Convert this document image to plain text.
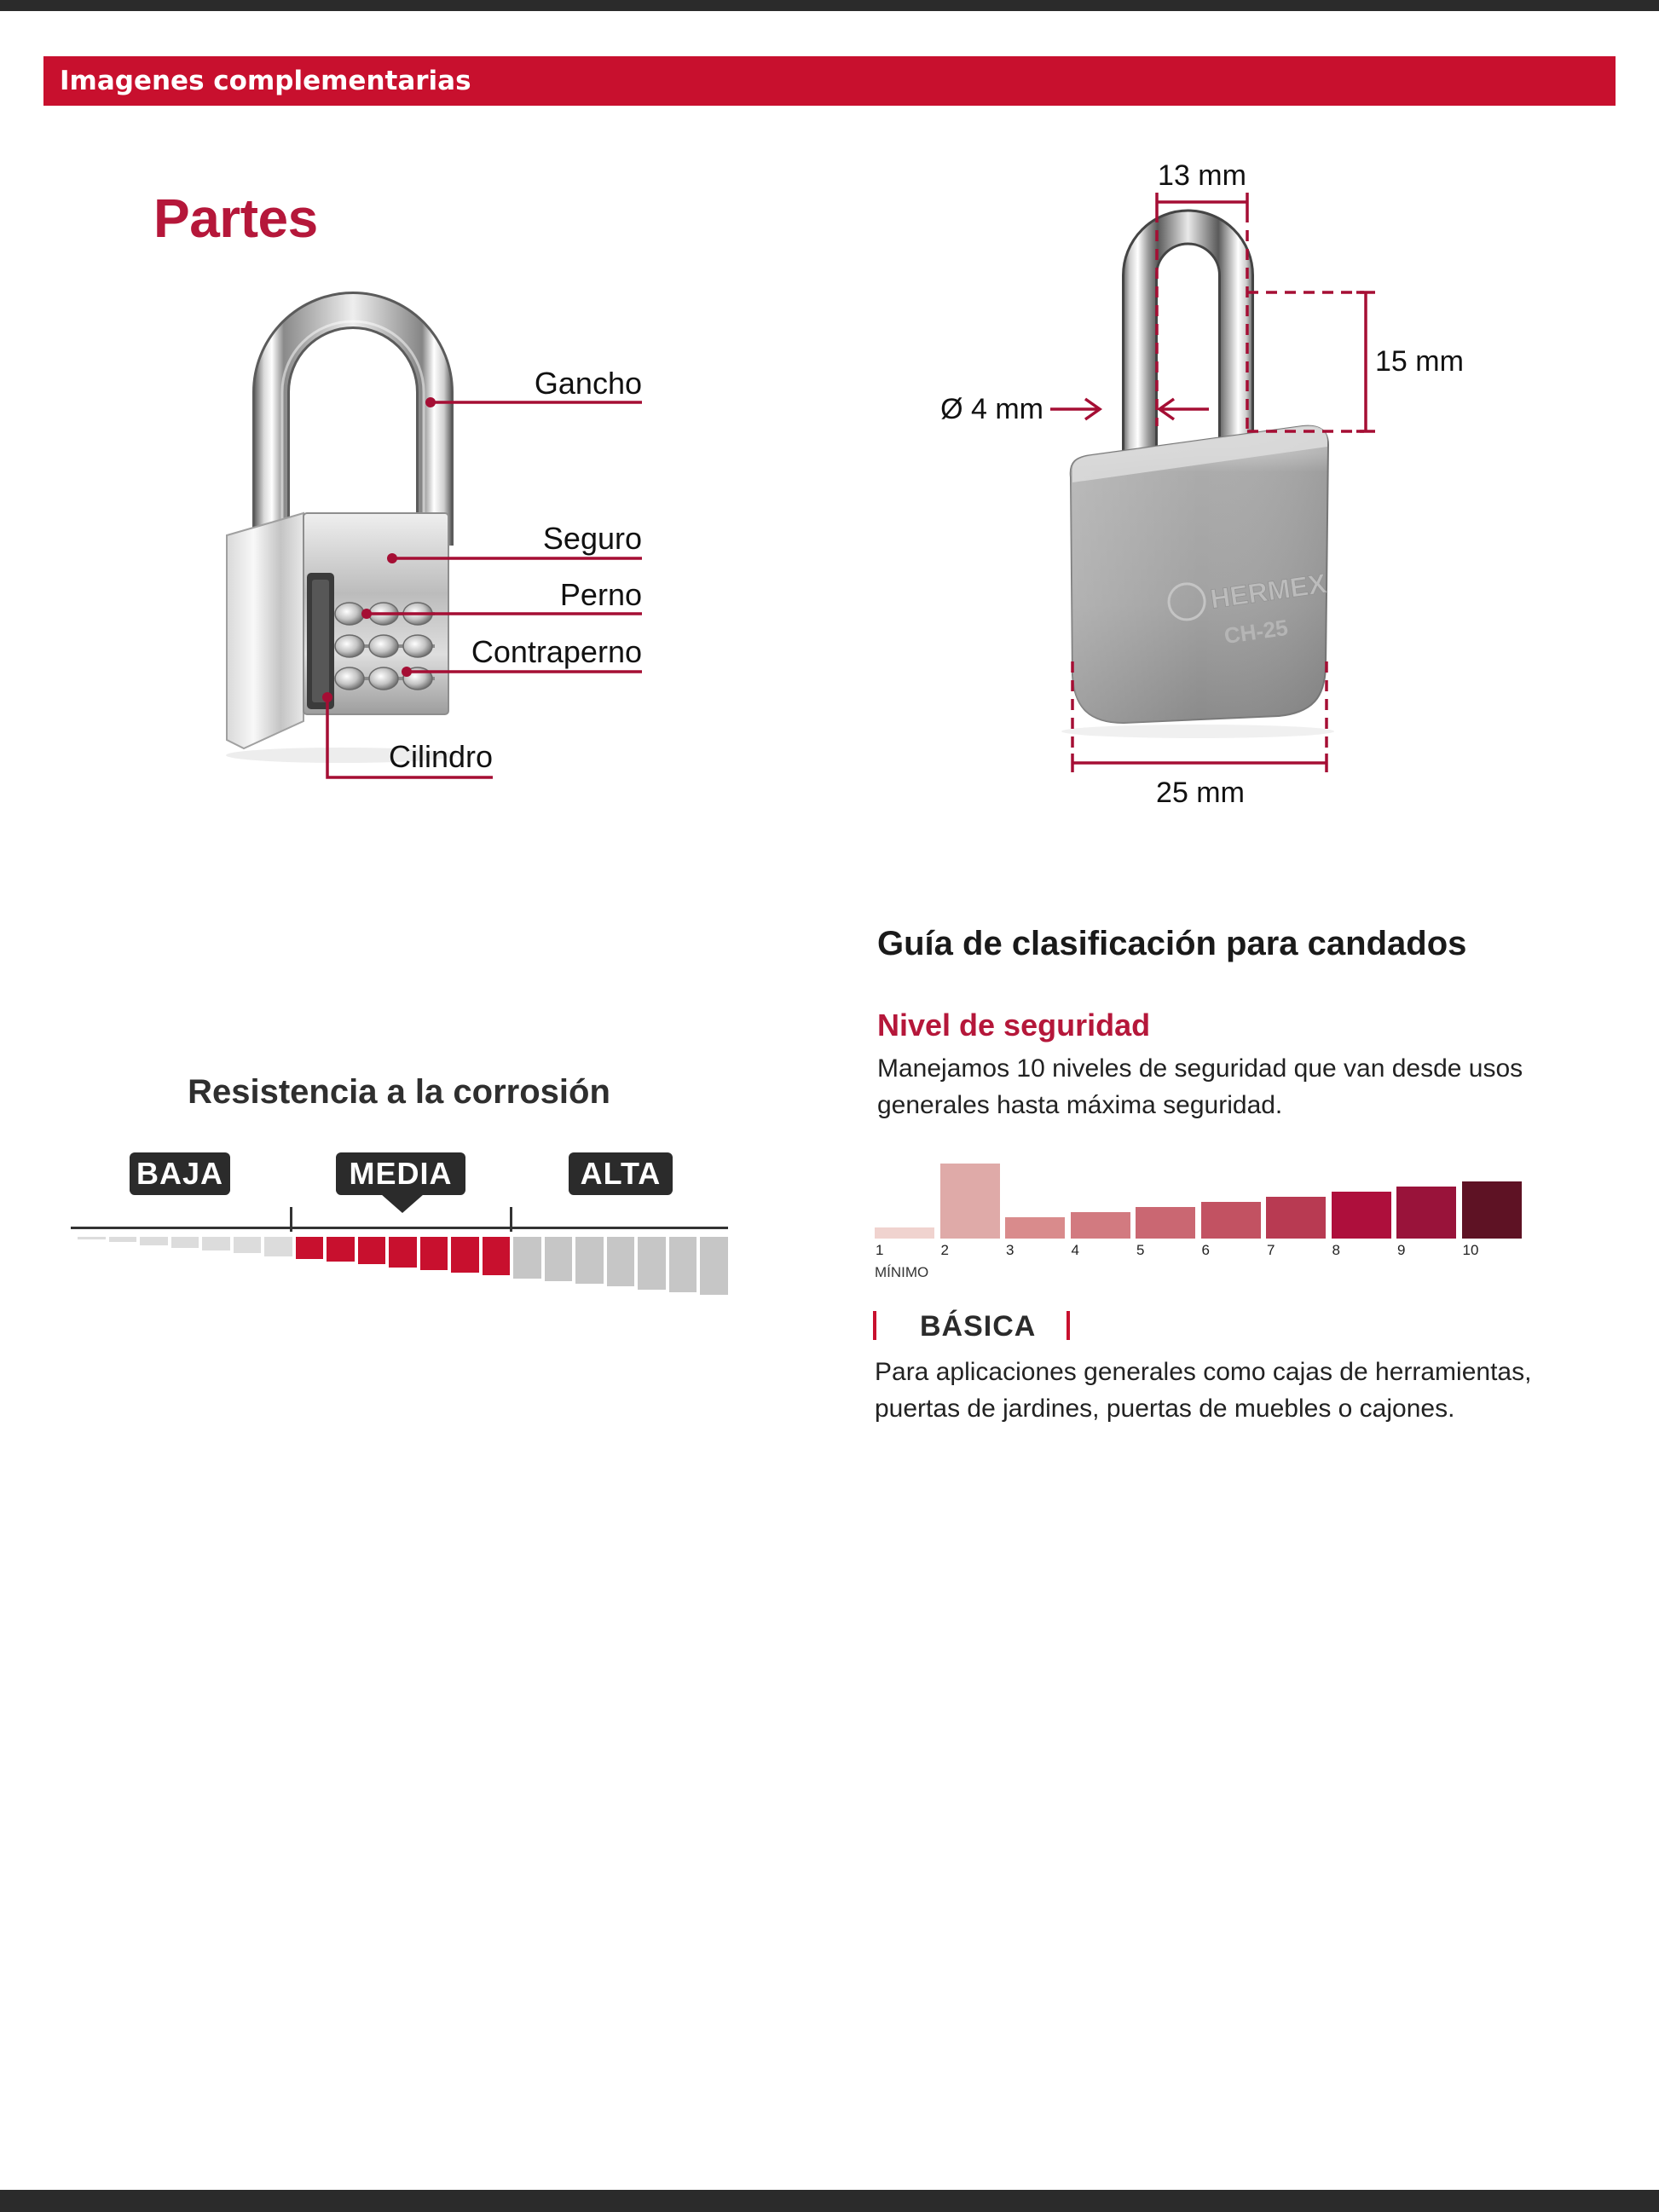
Imagenes complementarias
HERMEX
CH-25
Partes
Gancho
Seguro
Perno
Contraperno
Cilindro
13 mm
15 mm
Ø 4 mm
25 mm
Resistencia a la corrosión
BAJA	MEDIA	ALTA
Guía de clasificación para candados
Nivel de seguridad
Manejamos 10 niveles de seguridad que van desde usos
generales hasta máxima seguridad.
1	2	3	4	5	6	7	8	9	10
MÍNIMO
BÁSICA
Para aplicaciones generales como cajas de herramientas,
puertas de jardines, puertas de muebles o cajones.
